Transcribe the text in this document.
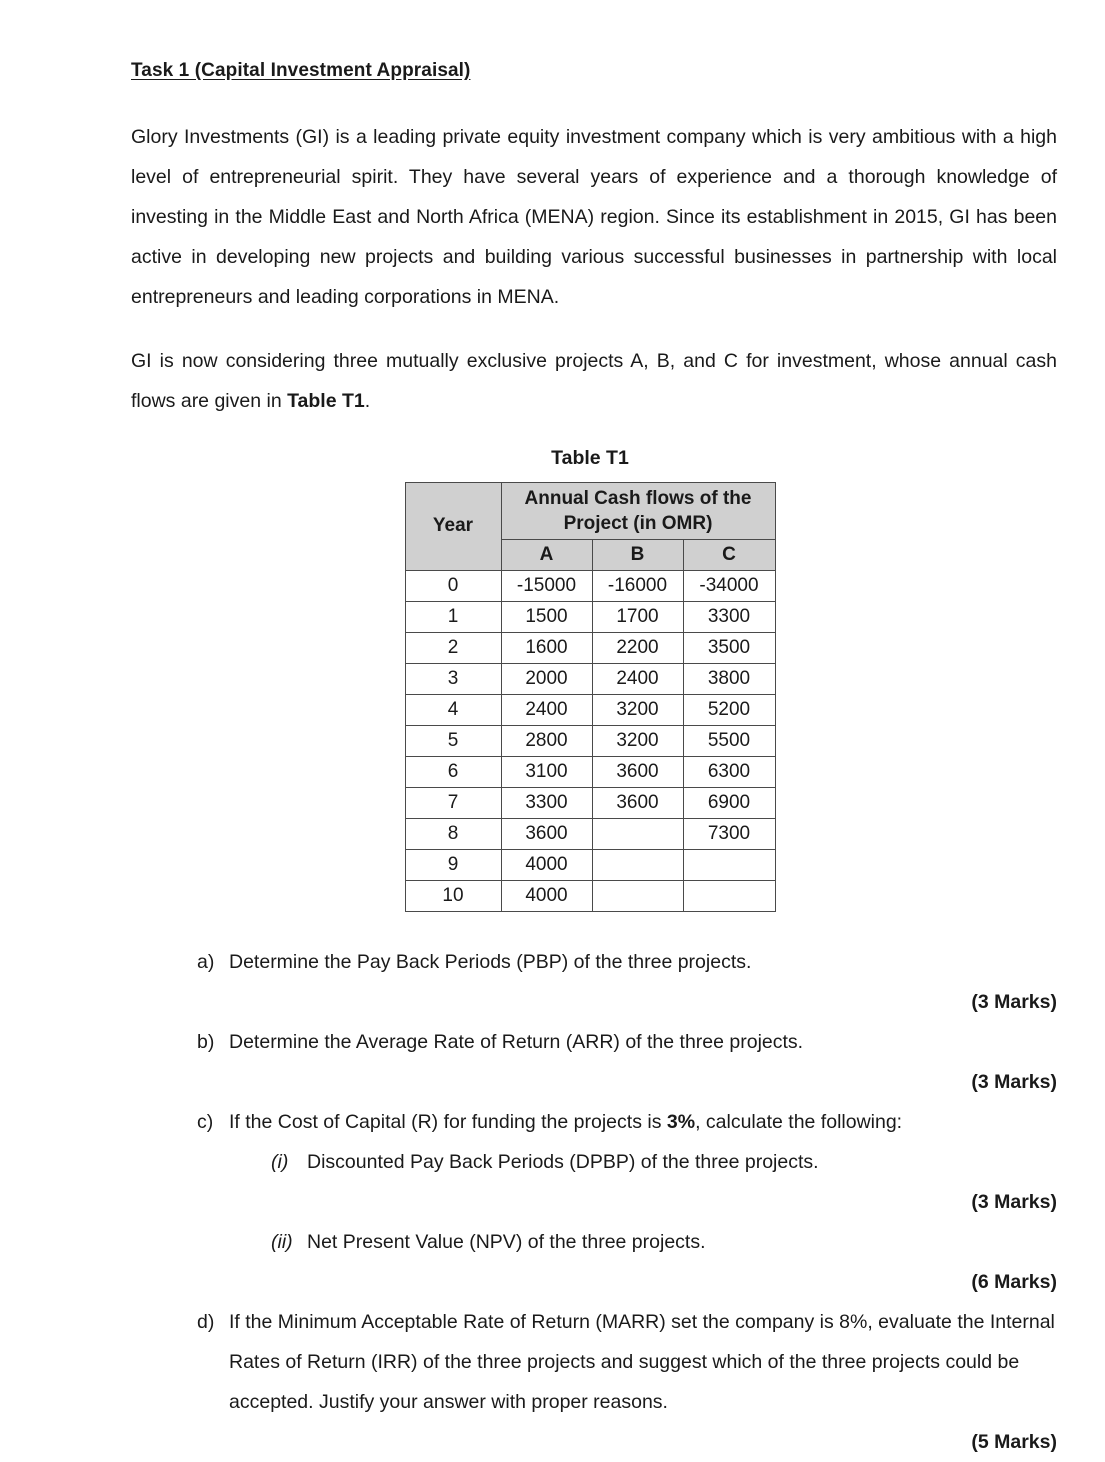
Task 1 (Capital Investment Appraisal)

Glory Investments (GI) is a leading private equity investment company which is very ambitious with a high level of entrepreneurial spirit. They have several years of experience and a thorough knowledge of investing in the Middle East and North Africa (MENA) region. Since its establishment in 2015, GI has been active in developing new projects and building various successful businesses in partnership with local entrepreneurs and leading corporations in MENA.

GI is now considering three mutually exclusive projects A, B, and C for investment, whose annual cash flows are given in Table T1.

Table T1
Year	Annual Cash flows of the
Project (in OMR)		
	A	B	C
0	-15000	-16000	-34000
1	1500	1700	3300
2	1600	2200	3500
3	2000	2400	3800
4	2400	3200	5200
5	2800	3200	5500
6	3100	3600	6300
7	3300	3600	6900
8	3600		7300
9	4000		
10	4000		
a) Determine the Pay Back Periods (PBP) of the three projects.
(3 Marks)
b) Determine the Average Rate of Return (ARR) of the three projects.
(3 Marks)
c) If the Cost of Capital (R) for funding the projects is 3%, calculate the following:
(i) Discounted Pay Back Periods (DPBP) of the three projects.
(3 Marks)
(ii) Net Present Value (NPV) of the three projects.
(6 Marks)
d) If the Minimum Acceptable Rate of Return (MARR) set the company is 8%, evaluate the Internal Rates of Return (IRR) of the three projects and suggest which of the three projects could be accepted. Justify your answer with proper reasons.
(5 Marks)
